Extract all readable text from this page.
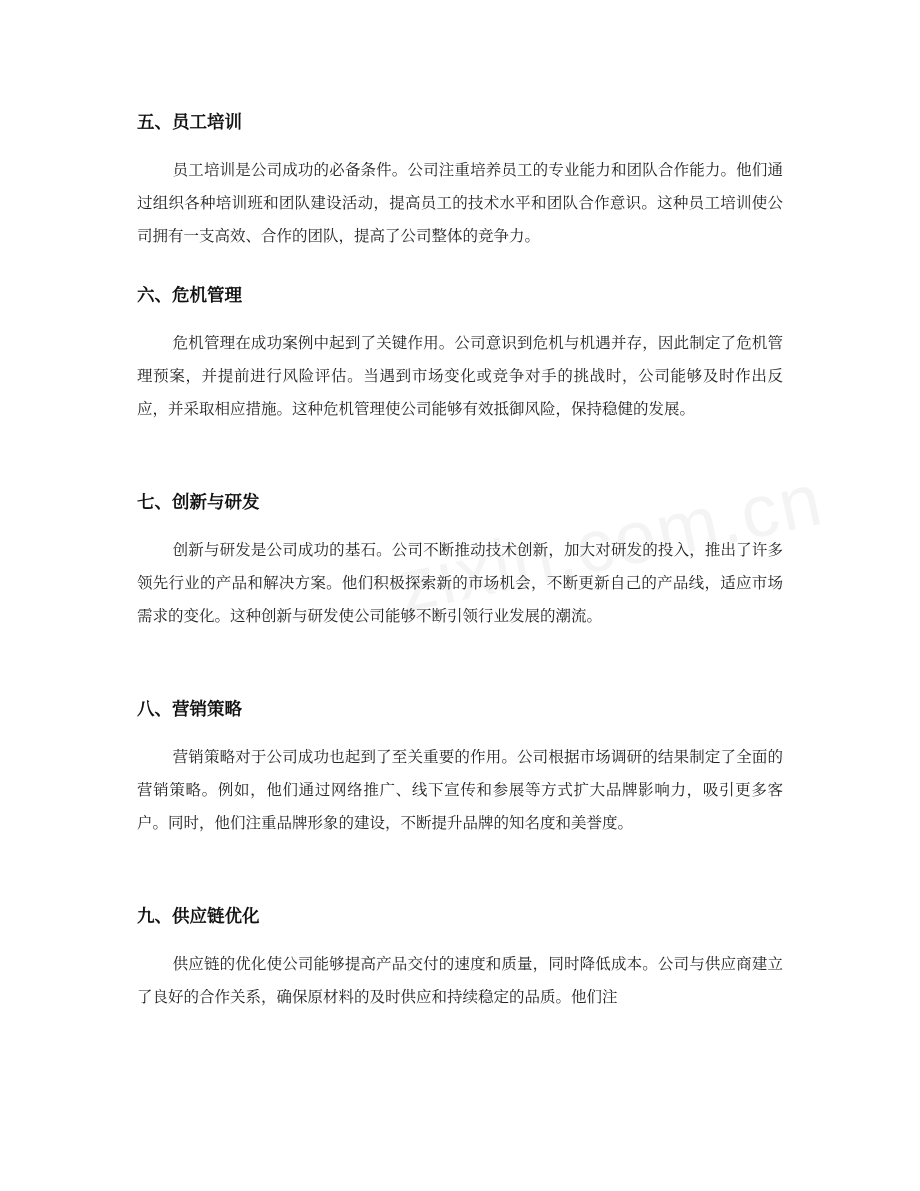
五、员工培训

员工培训是公司成功的必备条件。公司注重培养员工的专业能力和团队合作能力。他们通过组织各种培训班和团队建设活动，提高员工的技术水平和团队合作意识。这种员工培训使公司拥有一支高效、合作的团队，提高了公司整体的竞争力。

六、危机管理

危机管理在成功案例中起到了关键作用。公司意识到危机与机遇并存，因此制定了危机管理预案，并提前进行风险评估。当遇到市场变化或竞争对手的挑战时，公司能够及时作出反应，并采取相应措施。这种危机管理使公司能够有效抵御风险，保持稳健的发展。

七、创新与研发

创新与研发是公司成功的基石。公司不断推动技术创新，加大对研发的投入，推出了许多领先行业的产品和解决方案。他们积极探索新的市场机会，不断更新自己的产品线，适应市场需求的变化。这种创新与研发使公司能够不断引领行业发展的潮流。

八、营销策略

营销策略对于公司成功也起到了至关重要的作用。公司根据市场调研的结果制定了全面的营销策略。例如，他们通过网络推广、线下宣传和参展等方式扩大品牌影响力，吸引更多客户。同时，他们注重品牌形象的建设，不断提升品牌的知名度和美誉度。

九、供应链优化

供应链的优化使公司能够提高产品交付的速度和质量，同时降低成本。公司与供应商建立了良好的合作关系，确保原材料的及时供应和持续稳定的品质。他们注
